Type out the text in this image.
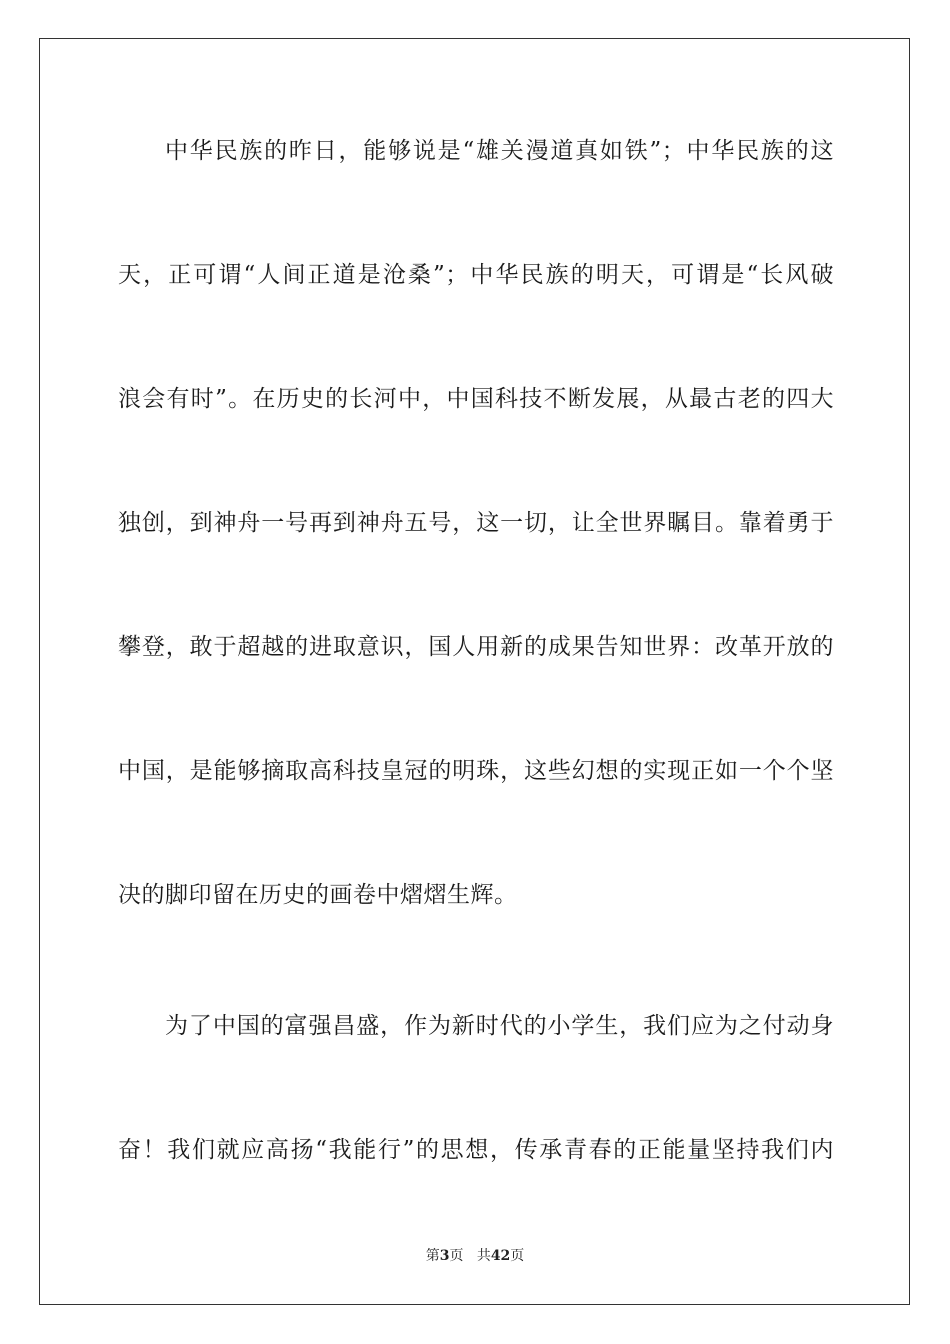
中华民族的昨日，能够说是“雄关漫道真如铁”；中华民族的这
天，正可谓“人间正道是沧桑”；中华民族的明天，可谓是“长风破
浪会有时”。在历史的长河中，中国科技不断发展，从最古老的四大
独创，到神舟一号再到神舟五号，这一切，让全世界瞩目。靠着勇于
攀登，敢于超越的进取意识，国人用新的成果告知世界：改革开放的
中国，是能够摘取高科技皇冠的明珠，这些幻想的实现正如一个个坚
决的脚印留在历史的画卷中熠熠生辉。
为了中国的富强昌盛，作为新时代的小学生，我们应为之付动身
奋！我们就应高扬“我能行”的思想，传承青春的正能量坚持我们内
第3页 共42页
